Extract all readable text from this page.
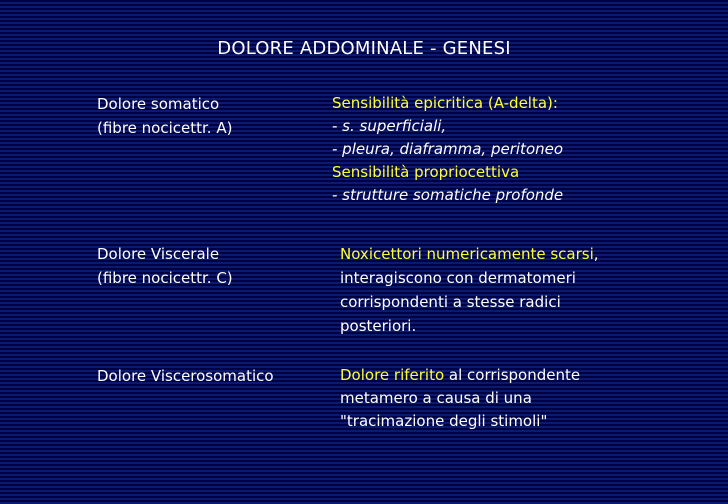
DOLORE ADDOMINALE - GENESI
Dolore somatico
(fibre nocicettr. A)
Sensibilità epicritica (A-delta):
- s. superficiali,
- pleura, diaframma, peritoneo
Sensibilità propriocettiva
- strutture somatiche profonde
Dolore Viscerale
(fibre nocicettr. C)
Noxicettori numericamente scarsi,
interagiscono con dermatomeri
corrispondenti a stesse radici
posteriori.
Dolore Viscerosomatico	Dolore riferito al corrispondente
metamero a causa di una
"tracimazione degli stimoli"
